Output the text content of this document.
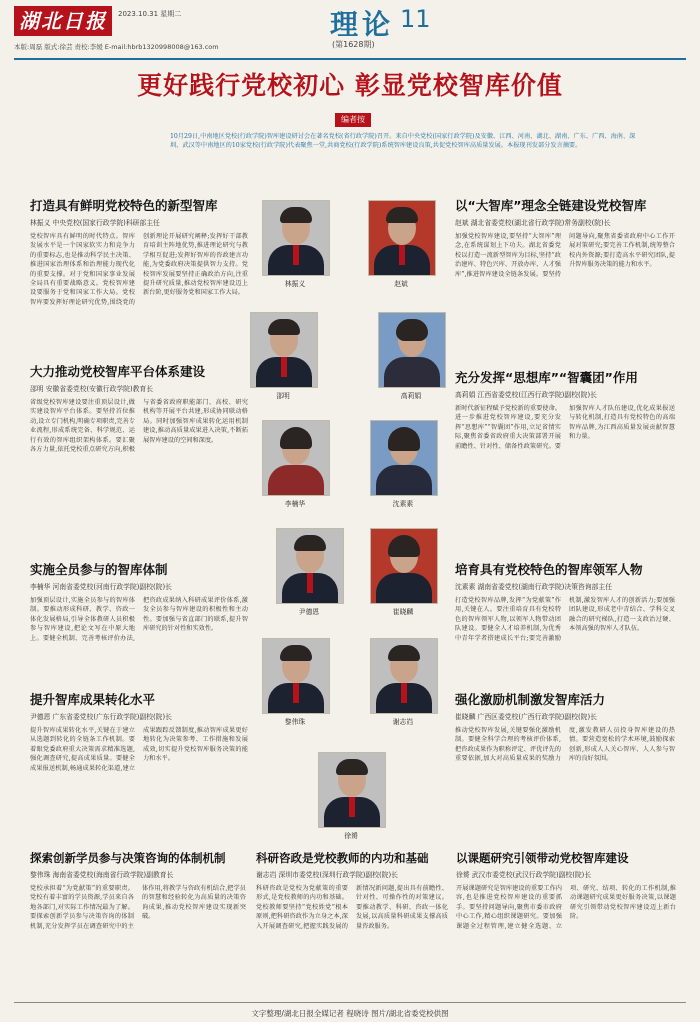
湖北日报	2023.10.31 星期二
本版:周磊 版式:徐芸 责校:李媛 E-mail:hbrb1320998008@163.com
理论 11
(第1628期)
更好践行党校初心 彰显党校智库价值
编者按
10月29日,中南地区党校(行政学院)智库建设研讨会在著名党校(省行政学院)召开。来自中央党校(国家行政学院)及安徽、江西、河南、湖北、湖南、广东、广西、海南、深圳、武汉等中南地区的10家党校(行政学院)代表聚焦一堂,共商党校(行政学院)系统智库建设良策,共促党校智库高质量发展。本报现刊发部分发言摘要。
打造具有鲜明党校特色的新型智库
林振义 中央党校(国家行政学院)科研部主任
党校智库具有鲜明的时代特点。智库发展水平是一个国家软实力和竞争力的重要标志,也是推动科学民主决策、推进国家治理体系和治理能力现代化的重要支撑。对于党和国家事业发展全局具有重要战略意义。党校智库建设要服务于党和国家工作大局。党校智库要发挥好理论研究优势,围绕党的创新理论开展研究阐释;发挥好干部教育培训主阵地优势,推进理论研究与教学相互促进;发挥好智库的咨政建言功能,为党委政府决策提供智力支持。党校智库发展要坚持正确政治方向,注重提升研究质量,推动党校智库建设迈上新台阶,更好服务党和国家工作大局。
大力推动党校智库平台体系建设
邵明 安徽省委党校(安徽行政学院)教育长
省级党校智库建设要注重顶层设计,做实建设智库平台体系。要坚持首位推动,设立专门机构,明确专项职责,完善专业流程,形成系统完备、科学规范、运行有效的智库组织架构体系。要汇聚各方力量,依托党校重点研究方向,积极与省委省政府职能部门、高校、研究机构等开展平台共建,形成协同联动格局。同时加强智库成果转化运用机制建设,推动高质量成果进入决策,不断拓展智库建设的空间和深度。
实施全员参与的智库体制
李楠华 河南省委党校(河南行政学院)副校(院)长
加强顶层设计,实施全员参与的智库体制。要推动形成科研、教学、咨政一体化发展格局,引导全体教研人员积极参与智库建设,把论文写在中原大地上。要健全机制、完善考核评价办法,把咨政成果纳入科研成果评价体系,激发全员参与智库建设的积极性和主动性。要加强与省直部门的联系,提升智库研究的针对性和实效性。
提升智库成果转化水平
尹德恩 广东省委党校(广东行政学院)副校(院)长
提升智库成果转化水平,关键在于建立从选题到转化的全链条工作机制。要着眼党委政府重大决策需求精准选题,强化调查研究,提高成果质量。要健全成果报送机制,畅通成果转化渠道,建立成果跟踪反馈制度,推动智库成果更好地转化为决策参考、工作措施和发展成效,切实提升党校智库服务决策的能力和水平。
以“大智库”理念全链建设党校智库
赵斌 湖北省委党校(湖北省行政学院)常务副校(院)长
加强党校智库建设,要坚持“大智库”理念,在系统谋划上下功夫。湖北省委党校以打造一流新型智库为目标,坚持“政治建库、特色兴库、开放办库、人才强库”,推进智库建设全链条发展。要坚持问题导向,聚焦省委省政府中心工作开展对策研究;要完善工作机制,统筹整合校内外资源;要打造高水平研究团队,提升智库服务决策的能力和水平。
充分发挥“思想库”“智囊团”作用
高莉娟 江西省委党校(江西行政学院)副校(院)长
新时代新征程赋予党校新的重要使命。进一步推进党校智库建设,要充分发挥“思想库”“智囊团”作用,立足省情实际,聚焦省委省政府重大决策部署开展前瞻性、针对性、储备性政策研究。要加强智库人才队伍建设,优化成果报送与转化机制,打造具有党校特色的高端智库品牌,为江西高质量发展贡献智慧和力量。
培育具有党校特色的智库领军人物
沈素素 湖南省委党校(湖南行政学院)决策咨询部主任
打造党校智库品牌,发挥“为党献策”作用,关键在人。要注重培育具有党校特色的智库领军人物,以领军人物带动团队建设。要健全人才培养机制,为优秀中青年学者搭建成长平台;要完善激励机制,激发智库人才的创新活力;要加强团队建设,形成老中青结合、学科交叉融合的研究梯队,打造一支政治过硬、本领高强的智库人才队伍。
强化激励机制激发智库活力
崔晓麟 广西区委党校(广西行政学院)副校(院)长
推动党校智库发展,关键要强化激励机制。要健全科学合理的考核评价体系,把咨政成果作为职称评定、评优评先的重要依据,加大对高质量成果的奖励力度,激发教研人员投身智库建设的热情。要营造宽松的学术环境,鼓励探索创新,形成人人关心智库、人人参与智库的良好氛围。
探索创新学员参与决策咨询的体制机制
黎伟珠 海南省委党校(海南省行政学院)副教育长
党校承担着“为党献策”的重要职责。党校有着丰富的学员资源,学员来自各地各部门,对实际工作情况最为了解。要探索创新学员参与决策咨询的体制机制,充分发挥学员在调查研究中的主体作用,将教学与咨政有机结合,把学员的智慧和经验转化为高质量的决策咨询成果,推动党校智库建设实现新突破。
科研咨政是党校教师的内功和基础
谢志岿 深圳市委党校(深圳行政学院)副校(院)长
科研咨政是党校为党献策的重要形式,是党校教师的内功和基础。党校教师要坚持“党校姓党”根本原则,把科研咨政作为立身之本,深入开展调查研究,把握实践发展的新情况新问题,提出具有前瞻性、针对性、可操作性的对策建议。要推动教学、科研、咨政一体化发展,以高质量科研成果支撑高质量咨政服务。
以课题研究引领带动党校智库建设
徐赟 武汉市委党校(武汉行政学院)副校(院)长
开展课题研究是智库建设的重要工作内容,也是推进党校智库建设的重要抓手。要坚持问题导向,聚焦市委市政府中心工作,精心组织课题研究。要加强课题全过程管理,建立健全选题、立项、研究、结项、转化的工作机制,推动课题研究成果更好服务决策,以课题研究引领带动党校智库建设迈上新台阶。
林振义	赵斌
邵明	高莉娟
李楠华	沈素素
尹德恩	崔晓麟
黎伟珠	谢志岿
徐赟
文字整理/湖北日报全媒记者 程晓诗 图片/湖北省委党校供图
